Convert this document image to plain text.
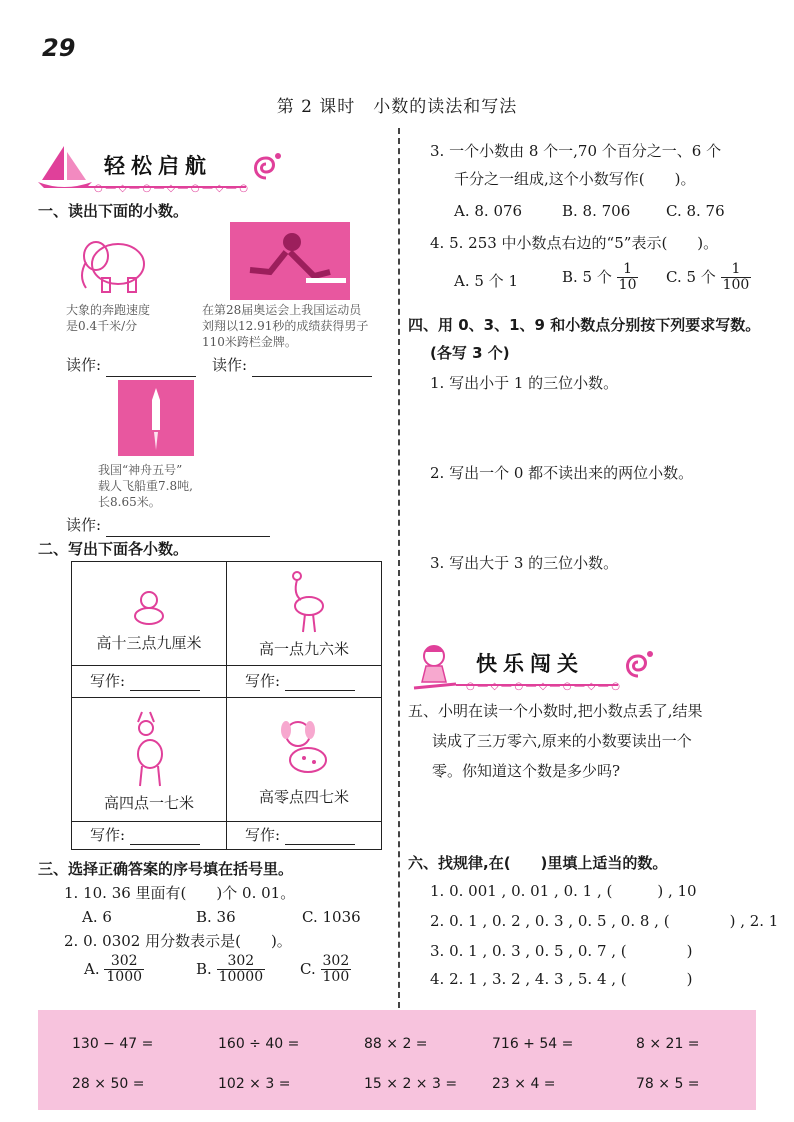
29
第 2 课时　小数的读法和写法
轻松启航
○―◇―○―◇―○―◇―○
一、读出下面的小数。
大象的奔跑速度
是0.4千米/分
在第28届奥运会上我国运动员
刘翔以12.91秒的成绩获得男子
110米跨栏金牌。
读作:	读作:
我国“神舟五号”
载人飞船重7.8吨,
长8.65米。
读作:
二、写出下面各小数。
高十三点九厘米	高一点九六米

写作:	写作:

高四点一七米	高零点四七米

写作:	写作:
三、选择正确答案的序号填在括号里。
1. 10. 36 里面有(　　)个 0. 01。
A. 6	B. 36	C. 1036
2. 0. 0302 用分数表示是(　　)。
A. $\frac{302}{1000}$	B. $\frac{302}{10000} C$. $\frac{302}{100}$
3. 一个小数由 8 个一,70 个百分之一、6 个
千分之一组成,这个小数写作(　　)。
A. 8. 076	B. 8. 706 C. 8. 76
4. 5. 253 中小数点右边的“5”表示(　　)。
A. 5 个 1	B. 5 个 $\frac{1}{10} C$. 5 个 $\frac{1}{100}$
四、用 0、3、1、9 和小数点分别按下列要求写数。
(各写 3 个)
1. 写出小于 1 的三位小数。
2. 写出一个 0 都不读出来的两位小数。
3. 写出大于 3 的三位小数。
快乐闯关
○―◇―○―◇―○―◇―○
五、小明在读一个小数时,把小数点丢了,结果
读成了三万零六,原来的小数要读出一个
零。你知道这个数是多少吗?
六、找规律,在(　　)里填上适当的数。
1. 0. 001 , 0. 01 , 0. 1 , (　　　) , 10
2. 0. 1 , 0. 2 , 0. 3 , 0. 5 , 0. 8 , (　　　　) , 2. 1
3. 0. 1 , 0. 3 , 0. 5 , 0. 7 , (　　　　)
4. 2. 1 , 3. 2 , 4. 3 , 5. 4 , (　　　　)
130 − 47 =	160 ÷ 40 =	88 × 2 =	716 + 54 =	8 × 21 =
28 × 50 =	102 × 3 =	15 × 2 × 3 = 23 × 4 =	78 × 5 =
